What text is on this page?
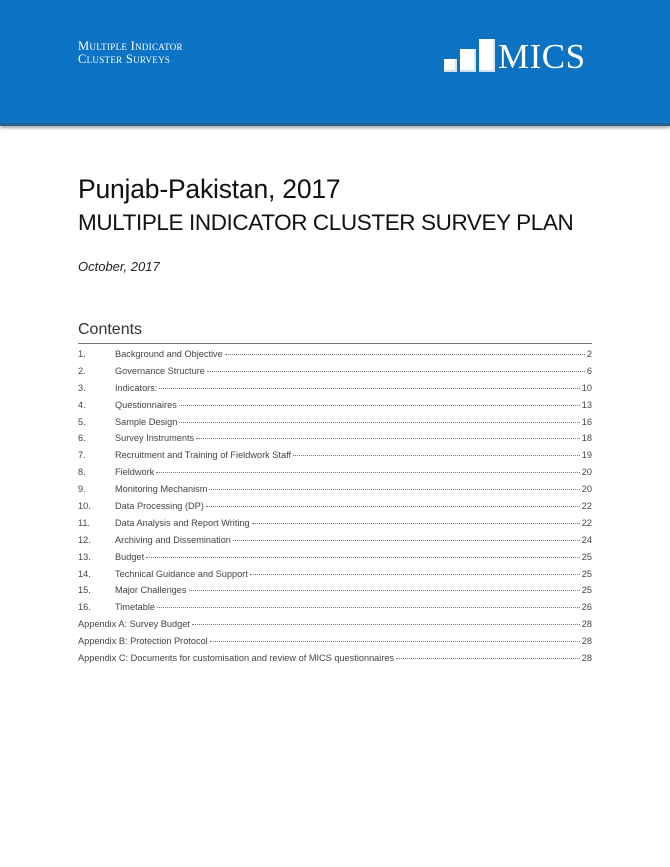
Multiple Indicator
Cluster Surveys	MICS
Punjab-Pakistan, 2017
MULTIPLE INDICATOR CLUSTER SURVEY PLAN
October, 2017
Contents
1.	Background and Objective	2
2.	Governance Structure	6
3.	Indicators:	10
4.	Questionnaires	13
5.	Sample Design	16
6.	Survey Instruments	18
7.	Recruitment and Training of Fieldwork Staff	19
8.	Fieldwork	20
9.	Monitoring Mechanism	20
10.	Data Processing (DP)	22
11.	Data Analysis and Report Writing	22
12.	Archiving and Dissemination	24
13.	Budget	25
14.	Technical Guidance and Support	25
15.	Major Challenges	25
16.	Timetable	26
Appendix A: Survey Budget	28
Appendix B: Protection Protocol	28
Appendix C: Documents for customisation and review of MICS questionnaires	28
